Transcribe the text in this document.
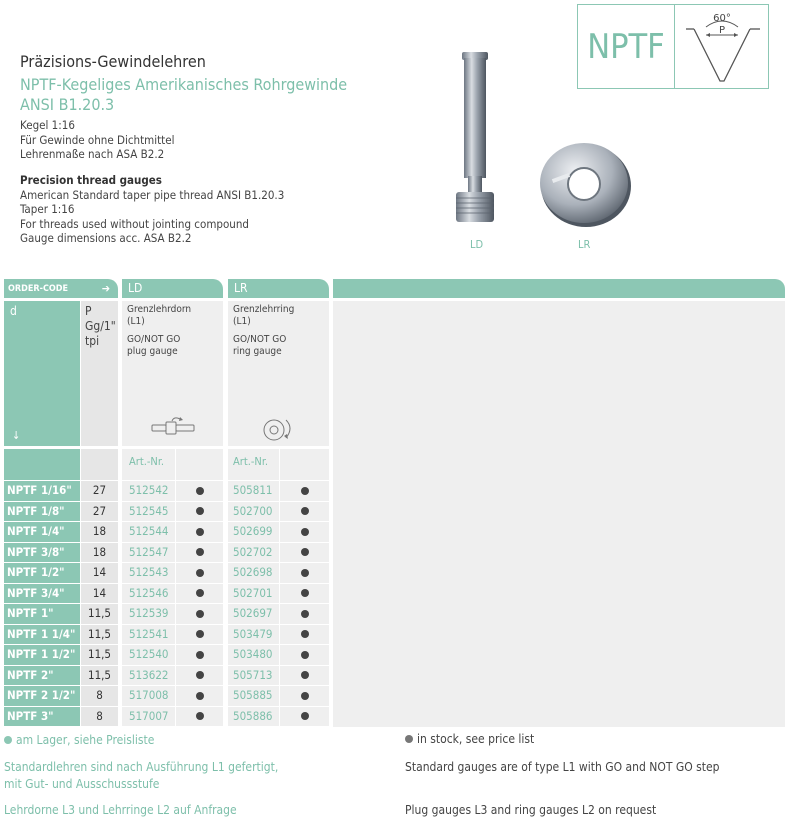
Präzisions-Gewindelehren
NPTF-Kegeliges Amerikanisches Rohrgewinde
ANSI B1.20.3
Kegel 1:16
Für Gewinde ohne Dichtmittel
Lehrenmaße nach ASA B2.2
Precision thread gauges
American Standard taper pipe thread ANSI B1.20.3
Taper 1:16
For threads used without jointing compound
Gauge dimensions acc. ASA B2.2
NPTF
60°
P
LD	LR
ORDER-CODE	➔	LD	LR
d
↓
P
Gg/1"
tpi
Grenzlehrdorn
(L1)
GO/NOT GO
plug gauge
Grenzlehrring
(L1)
GO/NOT GO
ring gauge
Art.-Nr.	Art.-Nr.
NPTF 1/16"	27	512542	505811
NPTF 1/8"	27	512545	502700
NPTF 1/4"	18	512544	502699
NPTF 3/8"	18	512547	502702
NPTF 1/2"	14	512543	502698
NPTF 3/4"	14	512546	502701
NPTF 1"	11,5	512539	502697
NPTF 1 1/4"	11,5	512541	503479
NPTF 1 1/2"	11,5	512540	503480
NPTF 2"	11,5	513622	505713
NPTF 2 1/2"	8	517008	505885
NPTF 3"	8	517007	505886
am Lager, siehe Preisliste	in stock, see price list
Standardlehren sind nach Ausführung L1 gefertigt,
mit Gut- und Ausschussstufe
Standard gauges are of type L1 with GO and NOT GO step
Lehrdorne L3 und Lehrringe L2 auf Anfrage	Plug gauges L3 and ring gauges L2 on request
